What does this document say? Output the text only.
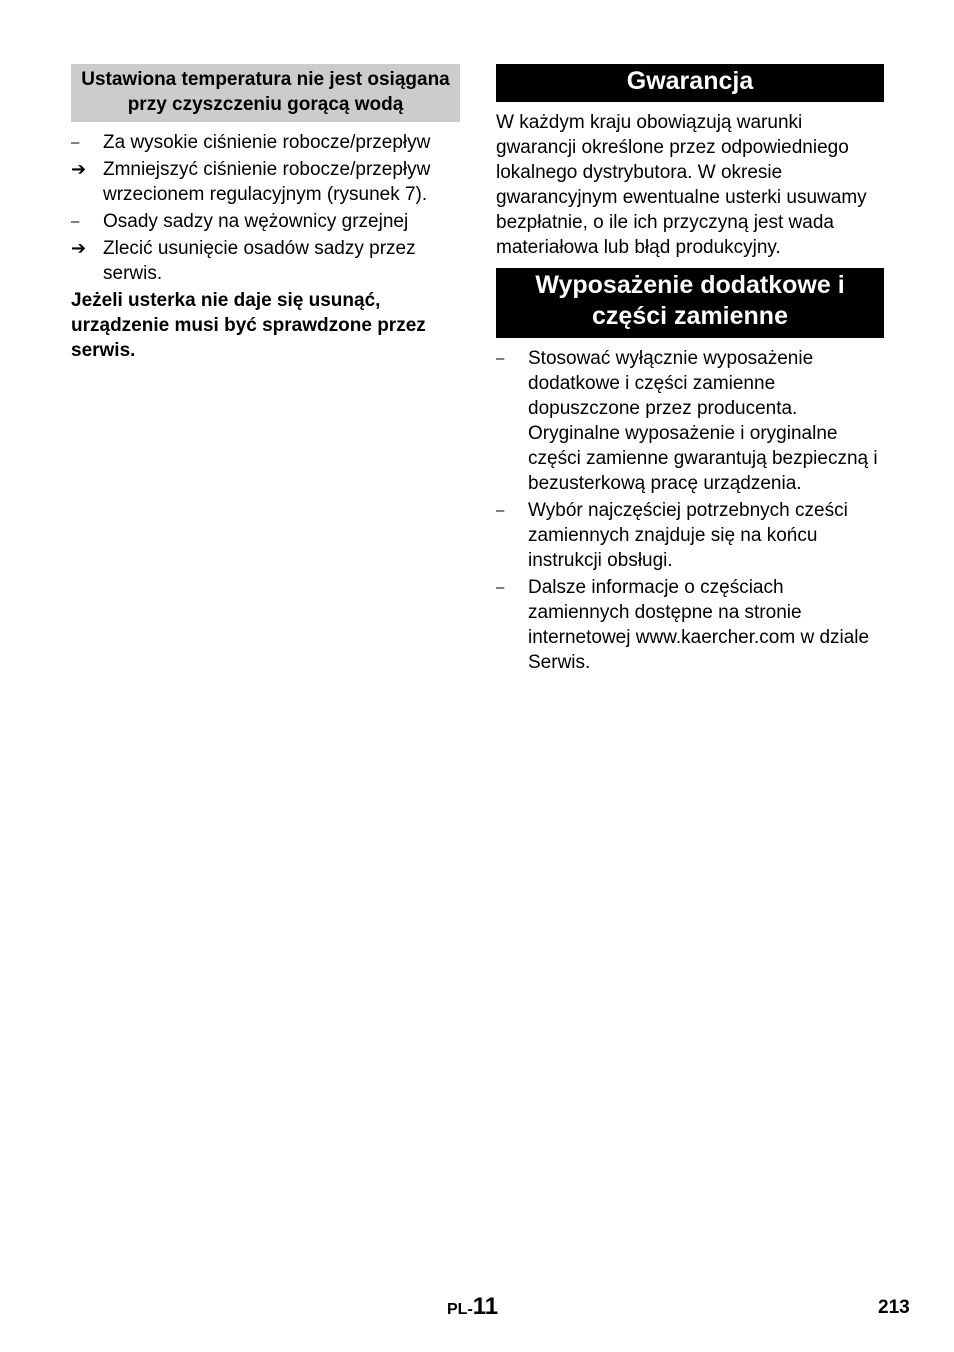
Ustawiona temperatura nie jest osiągana przy czyszczeniu gorącą wodą
–	Za wysokie ciśnienie robocze/przepływ
➔ Zmniejszyć ciśnienie robocze/przepływ wrzecionem regulacyjnym (rysunek 7).
–	Osady sadzy na wężownicy grzejnej
➔ Zlecić usunięcie osadów sadzy przez serwis.
Jeżeli usterka nie daje się usunąć, urządzenie musi być sprawdzone przez serwis.
Gwarancja
W każdym kraju obowiązują warunki gwarancji określone przez odpowiedniego lokalnego dystrybutora. W okresie gwarancyjnym ewentualne usterki usuwamy bezpłatnie, o ile ich przyczyną jest wada materiałowa lub błąd produkcyjny.
Wyposażenie dodatkowe i części zamienne
–	Stosować wyłącznie wyposażenie dodatkowe i części zamienne dopuszczone przez producenta. Oryginalne wyposażenie i oryginalne części zamienne gwarantują bezpieczną i bezusterkową pracę urządzenia.
–	Wybór najczęściej potrzebnych cześci zamiennych znajduje się na końcu instrukcji obsługi.
–	Dalsze informacje o częściach zamiennych dostępne na stronie internetowej www.kaercher.com w dziale Serwis.
PL-11	213
